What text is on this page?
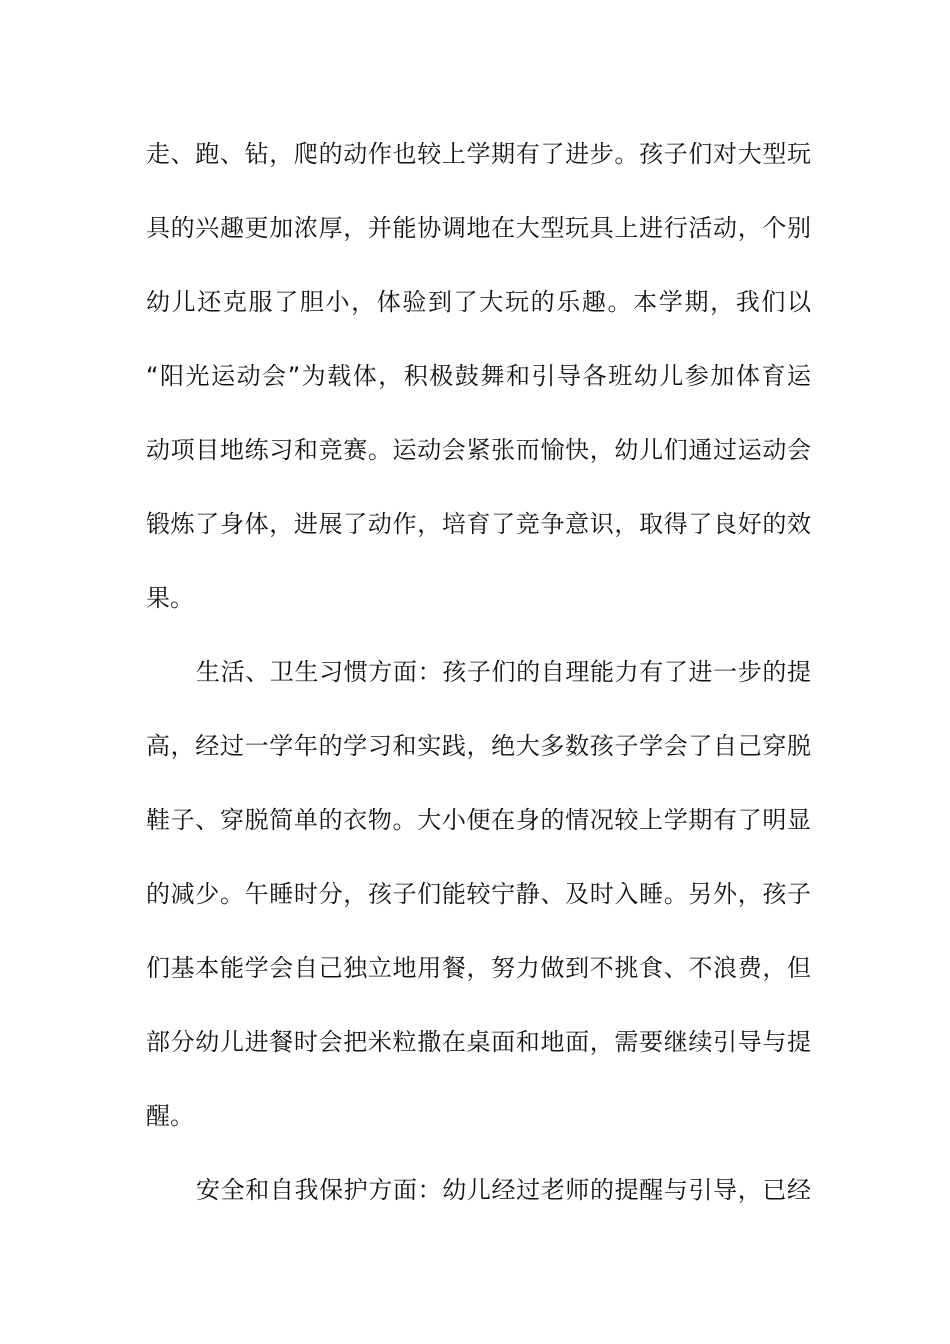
走、跑、钻，爬的动作也较上学期有了进步。孩子们对大型玩
具的兴趣更加浓厚，并能协调地在大型玩具上进行活动，个别
幼儿还克服了胆小，体验到了大玩的乐趣。本学期，我们以
“阳光运动会”为载体，积极鼓舞和引导各班幼儿参加体育运
动项目地练习和竞赛。运动会紧张而愉快，幼儿们通过运动会
锻炼了身体，进展了动作，培育了竞争意识，取得了良好的效
果。
生活、卫生习惯方面：孩子们的自理能力有了进一步的提
高，经过一学年的学习和实践，绝大多数孩子学会了自己穿脱
鞋子、穿脱简单的衣物。大小便在身的情况较上学期有了明显
的减少。午睡时分，孩子们能较宁静、及时入睡。另外，孩子
们基本能学会自己独立地用餐，努力做到不挑食、不浪费，但
部分幼儿进餐时会把米粒撒在桌面和地面，需要继续引导与提
醒。
安全和自我保护方面：幼儿经过老师的提醒与引导，已经
